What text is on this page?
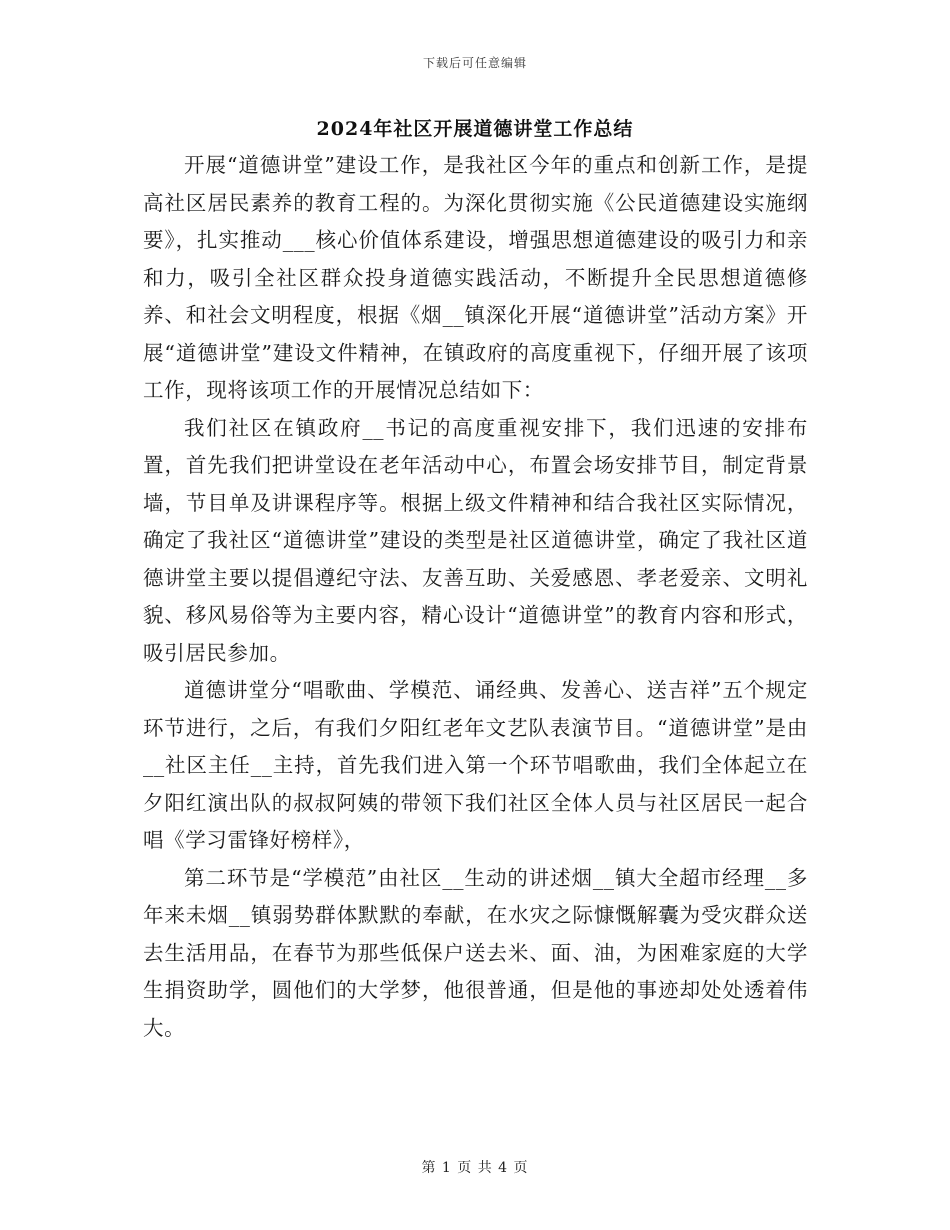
下载后可任意编辑
2024年社区开展道德讲堂工作总结

开展“道德讲堂”建设工作，是我社区今年的重点和创新工作，是提高社区居民素养的教育工程的。为深化贯彻实施《公民道德建设实施纲要》，扎实推动___核心价值体系建设，增强思想道德建设的吸引力和亲和力，吸引全社区群众投身道德实践活动，不断提升全民思想道德修养、和社会文明程度，根据《烟__镇深化开展“道德讲堂”活动方案》开展“道德讲堂”建设文件精神，在镇政府的高度重视下，仔细开展了该项工作，现将该项工作的开展情况总结如下：

我们社区在镇政府__书记的高度重视安排下，我们迅速的安排布置，首先我们把讲堂设在老年活动中心，布置会场安排节目，制定背景墙，节目单及讲课程序等。根据上级文件精神和结合我社区实际情况，确定了我社区“道德讲堂”建设的类型是社区道德讲堂，确定了我社区道德讲堂主要以提倡遵纪守法、友善互助、关爱感恩、孝老爱亲、文明礼貌、移风易俗等为主要内容，精心设计“道德讲堂”的教育内容和形式，吸引居民参加。

道德讲堂分“唱歌曲、学模范、诵经典、发善心、送吉祥”五个规定环节进行，之后，有我们夕阳红老年文艺队表演节目。“道德讲堂”是由__社区主任__主持，首先我们进入第一个环节唱歌曲，我们全体起立在夕阳红演出队的叔叔阿姨的带领下我们社区全体人员与社区居民一起合唱《学习雷锋好榜样》，

第二环节是“学模范”由社区__生动的讲述烟__镇大全超市经理__多年来未烟__镇弱势群体默默的奉献，在水灾之际慷慨解囊为受灾群众送去生活用品，在春节为那些低保户送去米、面、油，为困难家庭的大学生捐资助学，圆他们的大学梦，他很普通，但是他的事迹却处处透着伟大。

第 1 页 共 4 页
